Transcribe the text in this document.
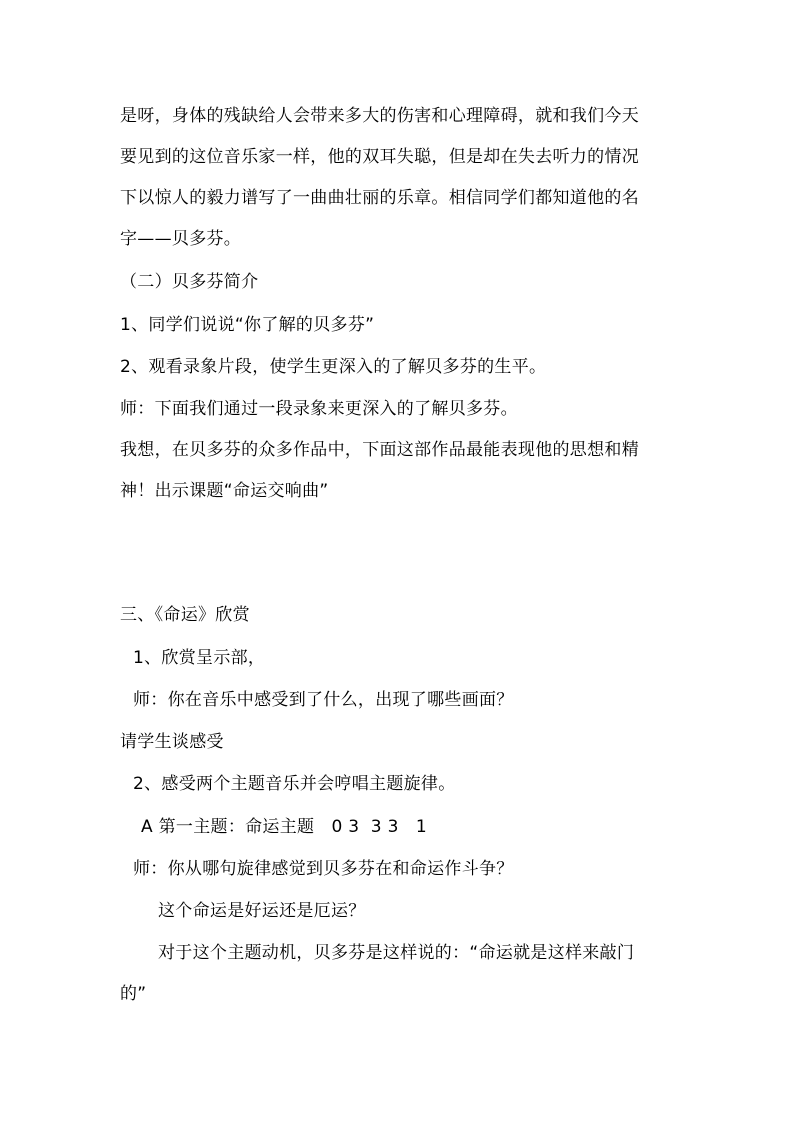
是呀，身体的残缺给人会带来多大的伤害和心理障碍，就和我们今天
要见到的这位音乐家一样，他的双耳失聪，但是却在失去听力的情况
下以惊人的毅力谱写了一曲曲壮丽的乐章。相信同学们都知道他的名
字——贝多芬。
（二）贝多芬简介
1、同学们说说“你了解的贝多芬”
2、观看录象片段，使学生更深入的了解贝多芬的生平。
师：下面我们通过一段录象来更深入的了解贝多芬。
我想，在贝多芬的众多作品中，下面这部作品最能表现他的思想和精
神！出示课题“命运交响曲”
三、《命运》欣赏
1、欣赏呈示部，
师：你在音乐中感受到了什么，出现了哪些画面？
请学生谈感受
2、感受两个主题音乐并会哼唱主题旋律。
A 第一主题：命运主题   0 3  3 3   1
师：你从哪句旋律感觉到贝多芬在和命运作斗争？
这个命运是好运还是厄运？
对于这个主题动机，贝多芬是这样说的：“命运就是这样来敲门
的”
